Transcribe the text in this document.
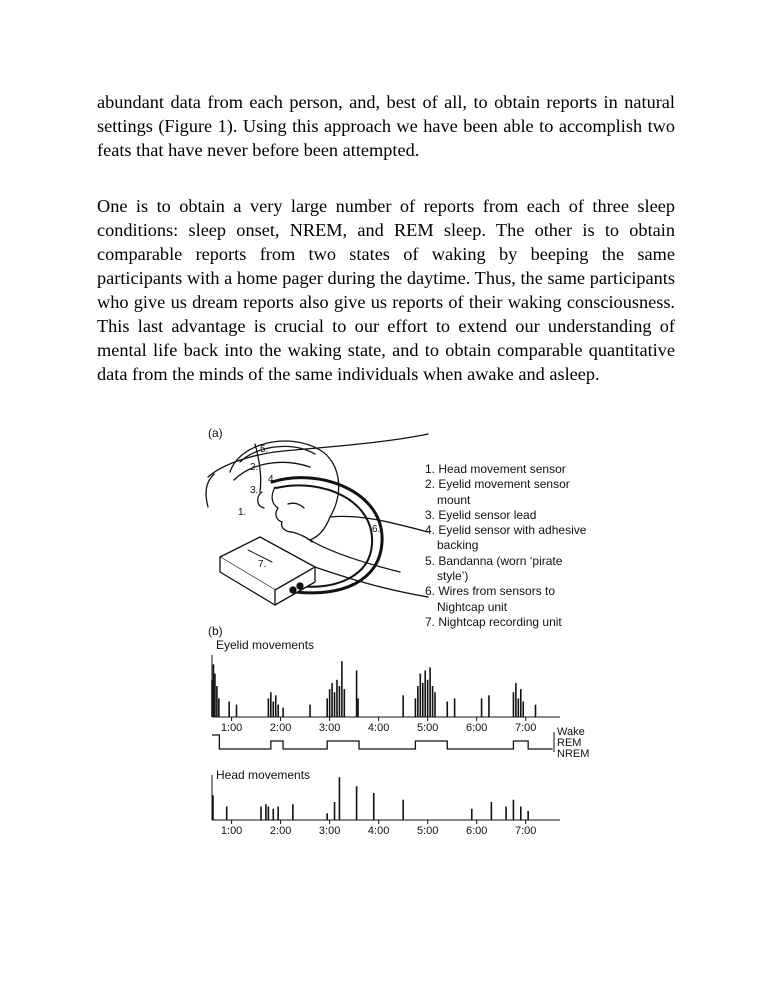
abundant data from each person, and, best of all, to obtain reports in natural settings (Figure 1). Using this approach we have been able to accomplish two feats that have never before been attempted.

One is to obtain a very large number of reports from each of three sleep conditions: sleep onset, NREM, and REM sleep. The other is to obtain comparable reports from two states of waking by beeping the same participants with a home pager during the daytime. Thus, the same participants who give us dream reports also give us reports of their waking consciousness. This last advantage is crucial to our effort to extend our understanding of mental life back into the waking state, and to obtain comparable quantitative data from the minds of the same individuals when awake and asleep.

(a)
1.
2.
3.
4.
5.
6.
7.
1. Head movement sensor
2. Eyelid movement sensor
mount
3. Eyelid sensor lead
4. Eyelid sensor with adhesive
backing
5. Bandanna (worn ‘pirate
style’)
6. Wires from sensors to
Nightcap unit
7. Nightcap recording unit
(b)
Eyelid movements
1:00	2:00	3:00	4:00	5:00	6:00	7:00 Wake
REM
NREM
Head movements
1:00	2:00	3:00	4:00	5:00	6:00	7:00
